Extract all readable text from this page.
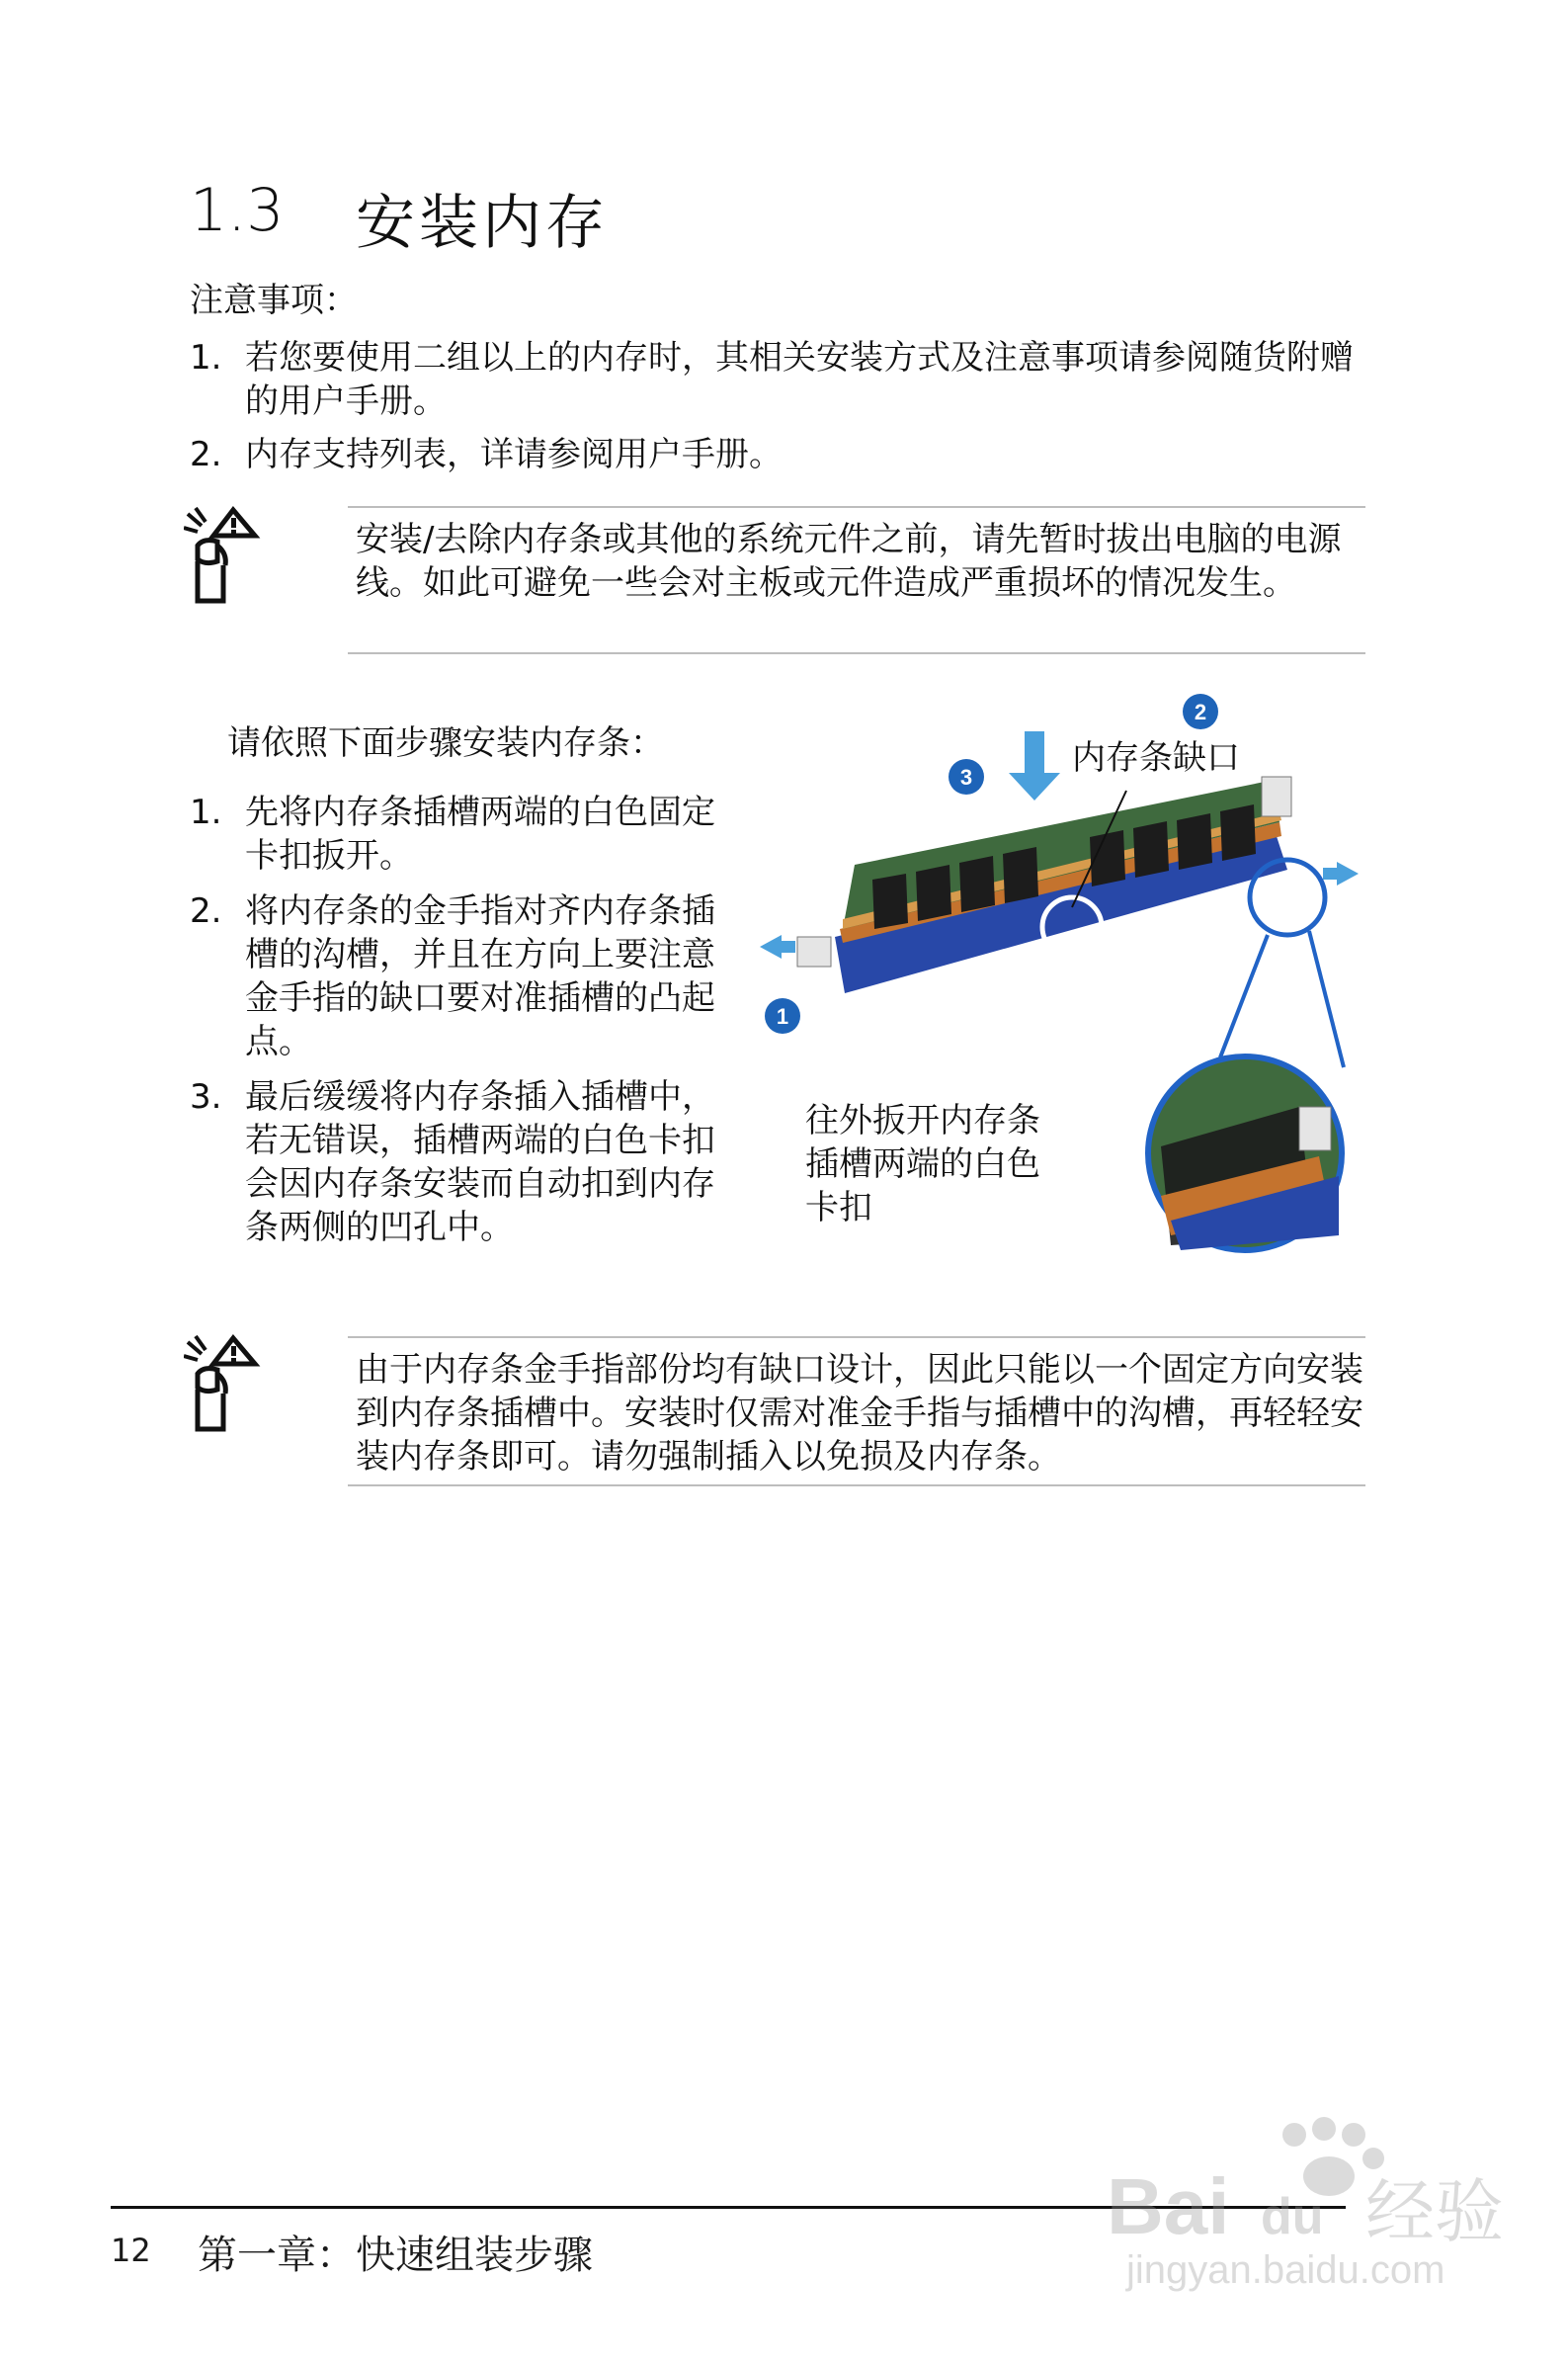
1.3 安装内存
注意事项：
1. 若您要使用二组以上的内存时，其相关安装方式及注意事项请参阅随货附赠的用户手册。
2. 内存支持列表，详请参阅用户手册。

安装/去除内存条或其他的系统元件之前，请先暂时拔出电脑的电源线。如此可避免一些会对主板或元件造成严重损坏的情况发生。

请依照下面步骤安装内存条：
1. 先将内存条插槽两端的白色固定卡扣扳开。
2. 将内存条的金手指对齐内存条插槽的沟槽，并且在方向上要注意金手指的缺口要对准插槽的凸起点。
3. 最后缓缓将内存条插入插槽中，若无错误，插槽两端的白色卡扣会因内存条安装而自动扣到内存条两侧的凹孔中。
1
2
3	内存条缺口
往外扳开内存条
插槽两端的白色
卡扣

由于内存条金手指部份均有缺口设计，因此只能以一个固定方向安装到内存条插槽中。安装时仅需对准金手指与插槽中的沟槽，再轻轻安装内存条即可。请勿强制插入以免损及内存条。

12 第一章：快速组装步骤
Bai du 经验
jingyan.baidu.com
